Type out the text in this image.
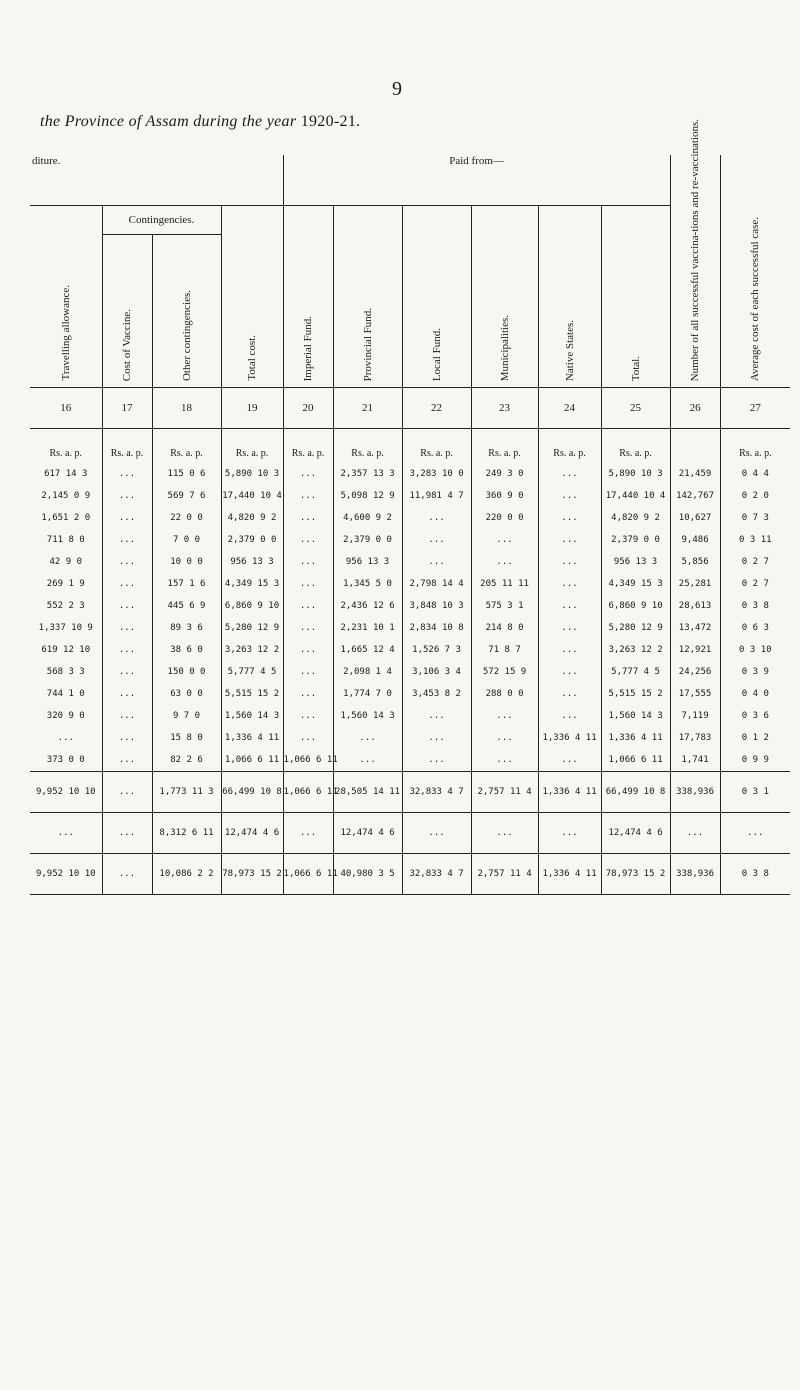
9
the Province of Assam during the year 1920-21.
diture.				Paid from—						Number of all successful vaccina-tions and re-vaccinations.	Average cost of each successful case.

Travelling allowance.	Contingencies.		Total cost.	Imperial Fund.	Provincial Fund.	Local Fund.	Municipalities.	Native States.	Total.		

	Cost of Vaccine.	Other contingencies.									

16	17	18	19	20	21	22	23	24	25	26	27

Rs. a. p.	Rs. a. p.	Rs. a. p.	Rs. a. p.	Rs. a. p.	Rs. a. p.	Rs. a. p.	Rs. a. p.	Rs. a. p.	Rs. a. p.		Rs. a. p.
617 14 3	...	115 0 6	5,890 10 3	...	2,357 13 3	3,283 10 0	249 3 0	...	5,890 10 3	21,459	0 4 4
2,145 0 9	...	569 7 6	17,440 10 4	...	5,098 12 9	11,981 4 7	360 9 0	...	17,440 10 4	142,767	0 2 0
1,651 2 0	...	22 0 0	4,820 9 2	...	4,600 9 2	...	220 0 0	...	4,820 9 2	10,627	0 7 3
711 8 0	...	7 0 0	2,379 0 0	...	2,379 0 0	...	...	...	2,379 0 0	9,486	0 3 11
42 9 0	...	10 0 0	956 13 3	...	956 13 3	...	...	...	956 13 3	5,856	0 2 7
269 1 9	...	157 1 6	4,349 15 3	...	1,345 5 0	2,798 14 4	205 11 11	...	4,349 15 3	25,281	0 2 7
552 2 3	...	445 6 9	6,860 9 10	...	2,436 12 6	3,848 10 3	575 3 1	...	6,860 9 10	28,613	0 3 8
1,337 10 9	...	89 3 6	5,280 12 9	...	2,231 10 1	2,834 10 8	214 8 0	...	5,280 12 9	13,472	0 6 3
619 12 10	...	38 6 0	3,263 12 2	...	1,665 12 4	1,526 7 3	71 8 7	...	3,263 12 2	12,921	0 3 10
568 3 3	...	150 0 0	5,777 4 5	...	2,098 1 4	3,106 3 4	572 15 9	...	5,777 4 5	24,256	0 3 9
744 1 0	...	63 0 0	5,515 15 2	...	1,774 7 0	3,453 8 2	288 0 0	...	5,515 15 2	17,555	0 4 0
320 9 0	...	9 7 0	1,560 14 3	...	1,560 14 3	...	...	...	1,560 14 3	7,119	0 3 6
...	...	15 8 0	1,336 4 11	...	...	...	...	1,336 4 11	1,336 4 11	17,783	0 1 2
373 0 0	...	82 2 6	1,066 6 11	1,066 6 11	...	...	...	...	1,066 6 11	1,741	0 9 9
9,952 10 10	...	1,773 11 3	66,499 10 8	1,066 6 11	28,505 14 11	32,833 4 7	2,757 11 4	1,336 4 11	66,499 10 8	338,936	0 3 1
...	...	8,312 6 11	12,474 4 6	...	12,474 4 6	...	...	...	12,474 4 6	...	...
9,952 10 10	...	10,086 2 2	78,973 15 2	1,066 6 11	40,980 3 5	32,833 4 7	2,757 11 4	1,336 4 11	78,973 15 2	338,936	0 3 8
